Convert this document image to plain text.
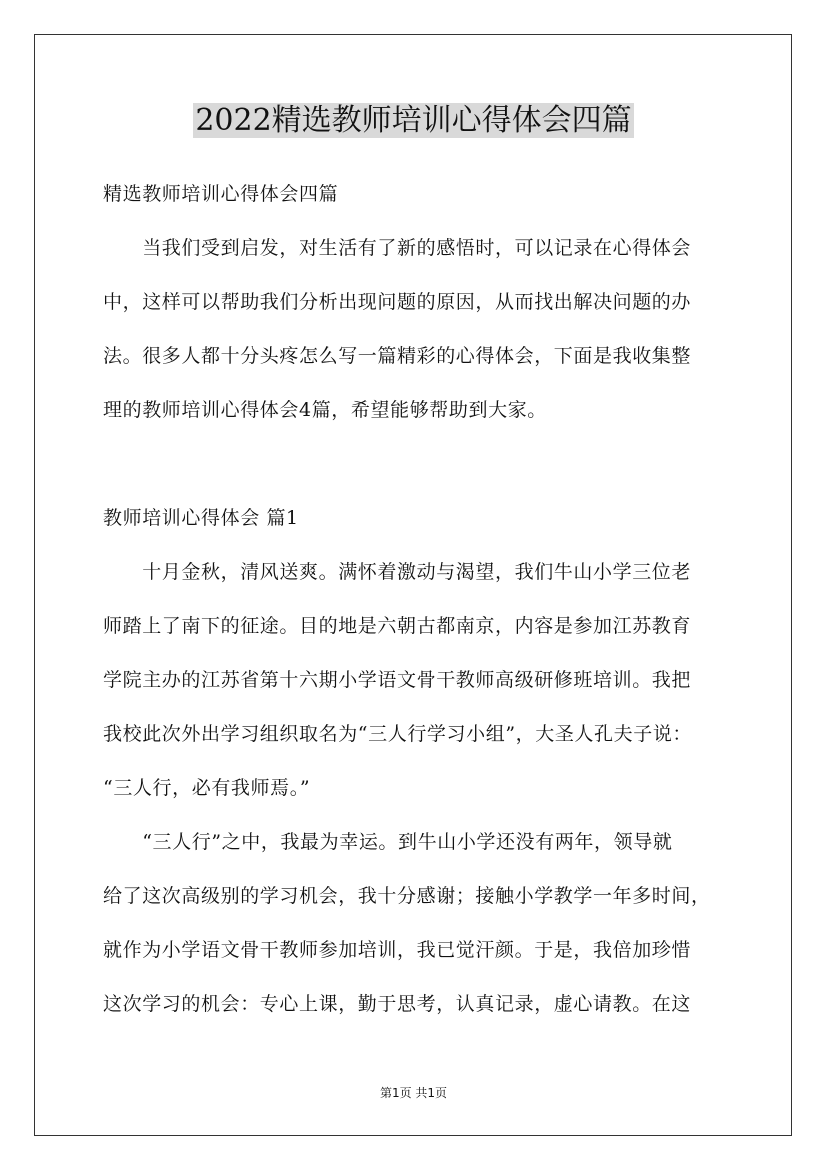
2022精选教师培训心得体会四篇
精选教师培训心得体会四篇
　　当我们受到启发，对生活有了新的感悟时，可以记录在心得体会
中，这样可以帮助我们分析出现问题的原因，从而找出解决问题的办
法。很多人都十分头疼怎么写一篇精彩的心得体会，下面是我收集整
理的教师培训心得体会4篇，希望能够帮助到大家。
教师培训心得体会 篇1
　　十月金秋，清风送爽。满怀着激动与渴望，我们牛山小学三位老
师踏上了南下的征途。目的地是六朝古都南京，内容是参加江苏教育
学院主办的江苏省第十六期小学语文骨干教师高级研修班培训。我把
我校此次外出学习组织取名为“三人行学习小组”，大圣人孔夫子说：
“三人行，必有我师焉。”
　　“三人行”之中，我最为幸运。到牛山小学还没有两年，领导就
给了这次高级别的学习机会，我十分感谢；接触小学教学一年多时间，
就作为小学语文骨干教师参加培训，我已觉汗颜。于是，我倍加珍惜
这次学习的机会：专心上课，勤于思考，认真记录，虚心请教。在这
第1页 共1页
